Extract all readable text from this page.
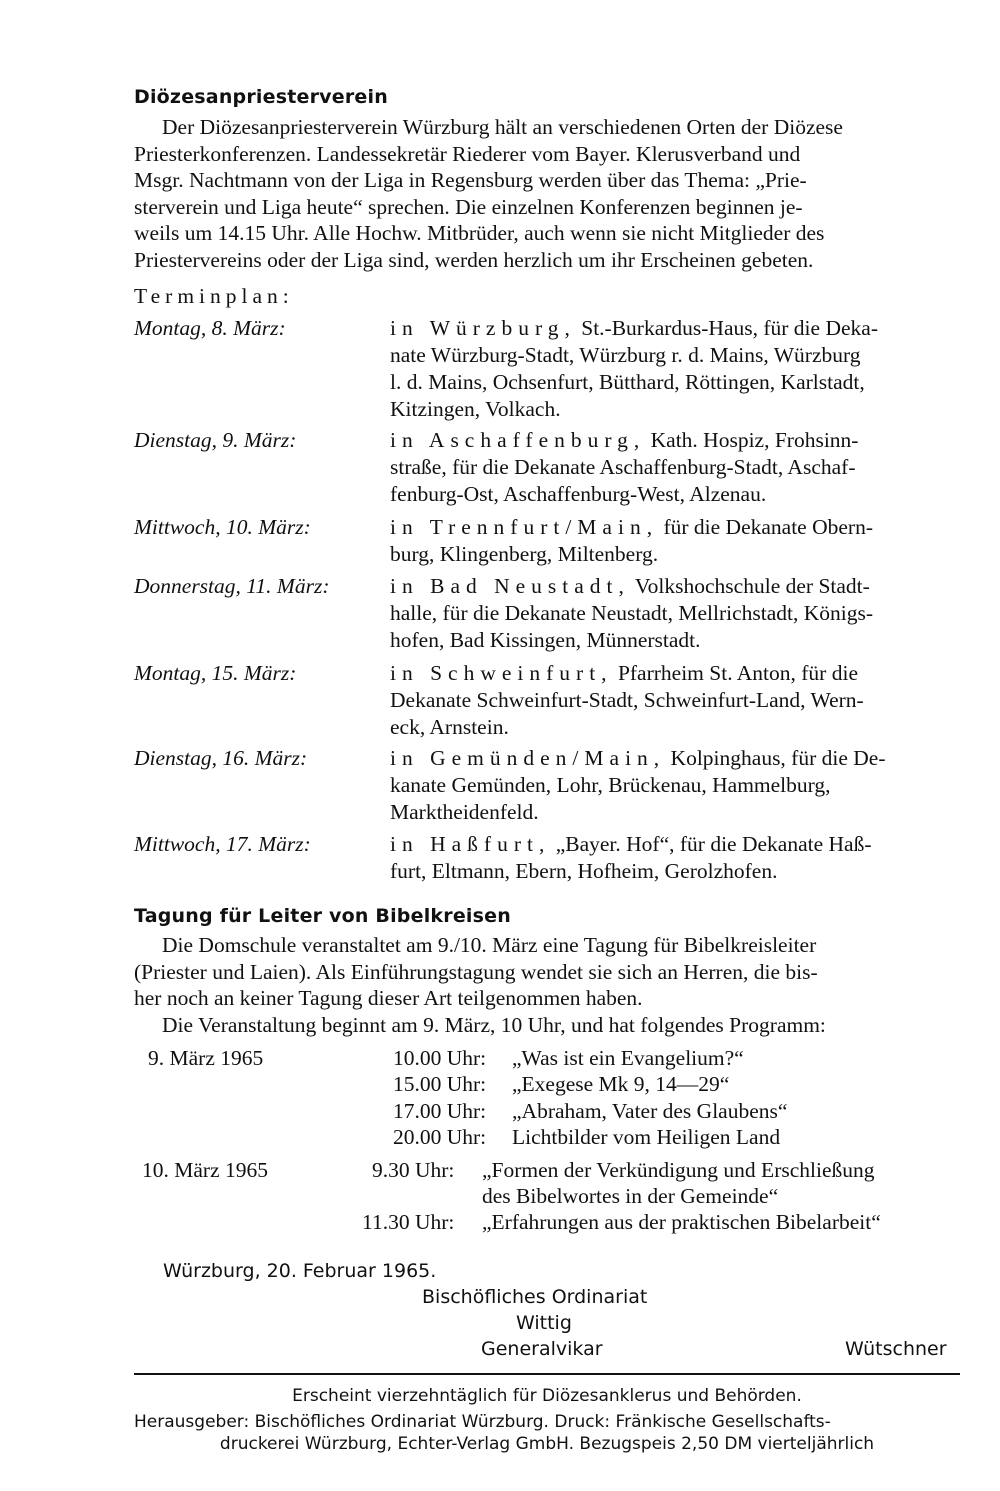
Diözesanpriesterverein
Der Diözesanpriesterverein Würzburg hält an verschiedenen Orten der Diözese
Priesterkonferenzen. Landessekretär Riederer vom Bayer. Klerusverband und
Msgr. Nachtmann von der Liga in Regensburg werden über das Thema: „Prie-
sterverein und Liga heute“ sprechen. Die einzelnen Konferenzen beginnen je-
weils um 14.15 Uhr. Alle Hochw. Mitbrüder, auch wenn sie nicht Mitglieder des
Priestervereins oder der Liga sind, werden herzlich um ihr Erscheinen gebeten.
Terminplan:
Montag, 8. März:	in Würzburg, St.-Burkardus-Haus, für die Deka-
nate Würzburg-Stadt, Würzburg r. d. Mains, Würzburg
l. d. Mains, Ochsenfurt, Bütthard, Röttingen, Karlstadt,
Kitzingen, Volkach.
Dienstag, 9. März:	in Aschaffenburg, Kath. Hospiz, Frohsinn-
straße, für die Dekanate Aschaffenburg-Stadt, Aschaf-
fenburg-Ost, Aschaffenburg-West, Alzenau.
Mittwoch, 10. März:	in Trennfurt/Main, für die Dekanate Obern-
burg, Klingenberg, Miltenberg.
Donnerstag, 11. März:	in Bad Neustadt, Volkshochschule der Stadt-
halle, für die Dekanate Neustadt, Mellrichstadt, Königs-
hofen, Bad Kissingen, Münnerstadt.
Montag, 15. März:	in Schweinfurt, Pfarrheim St. Anton, für die
Dekanate Schweinfurt-Stadt, Schweinfurt-Land, Wern-
eck, Arnstein.
Dienstag, 16. März:	in Gemünden/Main, Kolpinghaus, für die De-
kanate Gemünden, Lohr, Brückenau, Hammelburg,
Marktheidenfeld.
Mittwoch, 17. März:	in Haßfurt, „Bayer. Hof“, für die Dekanate Haß-
furt, Eltmann, Ebern, Hofheim, Gerolzhofen.
Tagung für Leiter von Bibelkreisen
Die Domschule veranstaltet am 9./10. März eine Tagung für Bibelkreisleiter
(Priester und Laien). Als Einführungstagung wendet sie sich an Herren, die bis-
her noch an keiner Tagung dieser Art teilgenommen haben.
Die Veranstaltung beginnt am 9. März, 10 Uhr, und hat folgendes Programm:
9. März 1965	10.00 Uhr: „Was ist ein Evangelium?“
15.00 Uhr: „Exegese Mk 9, 14—29“
17.00 Uhr: „Abraham, Vater des Glaubens“
20.00 Uhr: Lichtbilder vom Heiligen Land
10. März 1965	9.30 Uhr: „Formen der Verkündigung und Erschließung
des Bibelwortes in der Gemeinde“
11.30 Uhr: „Erfahrungen aus der praktischen Bibelarbeit“
Würzburg, 20. Februar 1965.
Bischöfliches Ordinariat
Wittig
Generalvikar	Wütschner
Erscheint vierzehntäglich für Diözesanklerus und Behörden.
Herausgeber: Bischöfliches Ordinariat Würzburg. Druck: Fränkische Gesellschafts-
druckerei Würzburg, Echter-Verlag GmbH. Bezugspeis 2,50 DM vierteljährlich
